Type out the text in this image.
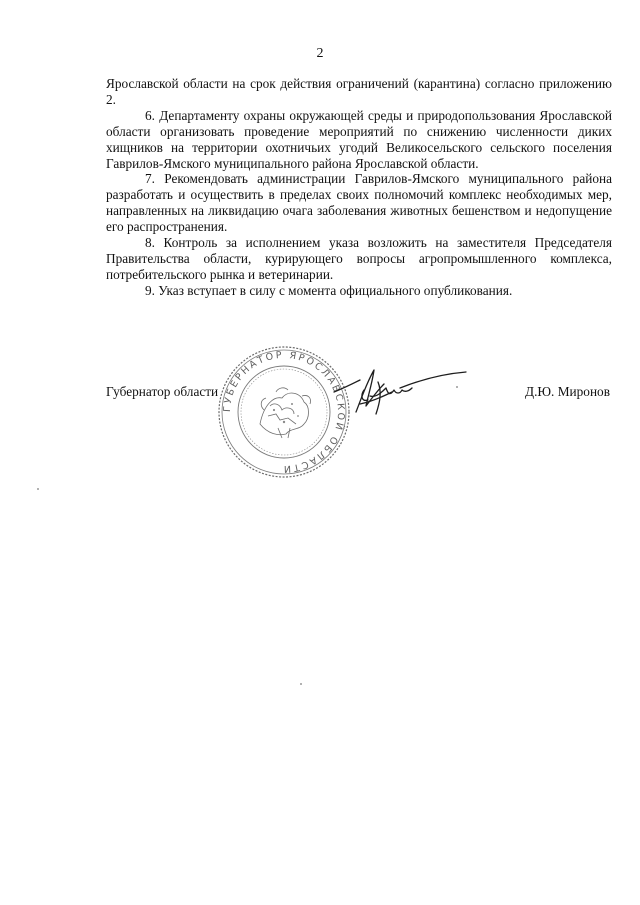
2

Ярославской области на срок действия ограничений (карантина) согласно приложению 2.

6. Департаменту охраны окружающей среды и природопользования Ярославской области организовать проведение мероприятий по снижению численности диких хищников на территории охотничьих угодий Великосельского сельского поселения Гаврилов-Ямского муниципального района Ярославской области.

7. Рекомендовать администрации Гаврилов-Ямского муниципального района разработать и осуществить в пределах своих полномочий комплекс необходимых мер, направленных на ликвидацию очага заболевания животных бешенством и недопущение его распространения.

8. Контроль за исполнением указа возложить на заместителя Председателя Правительства области, курирующего вопросы агропромышленного комплекса, потребительского рынка и ветеринарии.

9. Указ вступает в силу с момента официального опубликования.

Губернатор области
ГУБЕРНАТОР ЯРОСЛАВСКОЙ ОБЛАСТИ
Д.Ю. Миронов
